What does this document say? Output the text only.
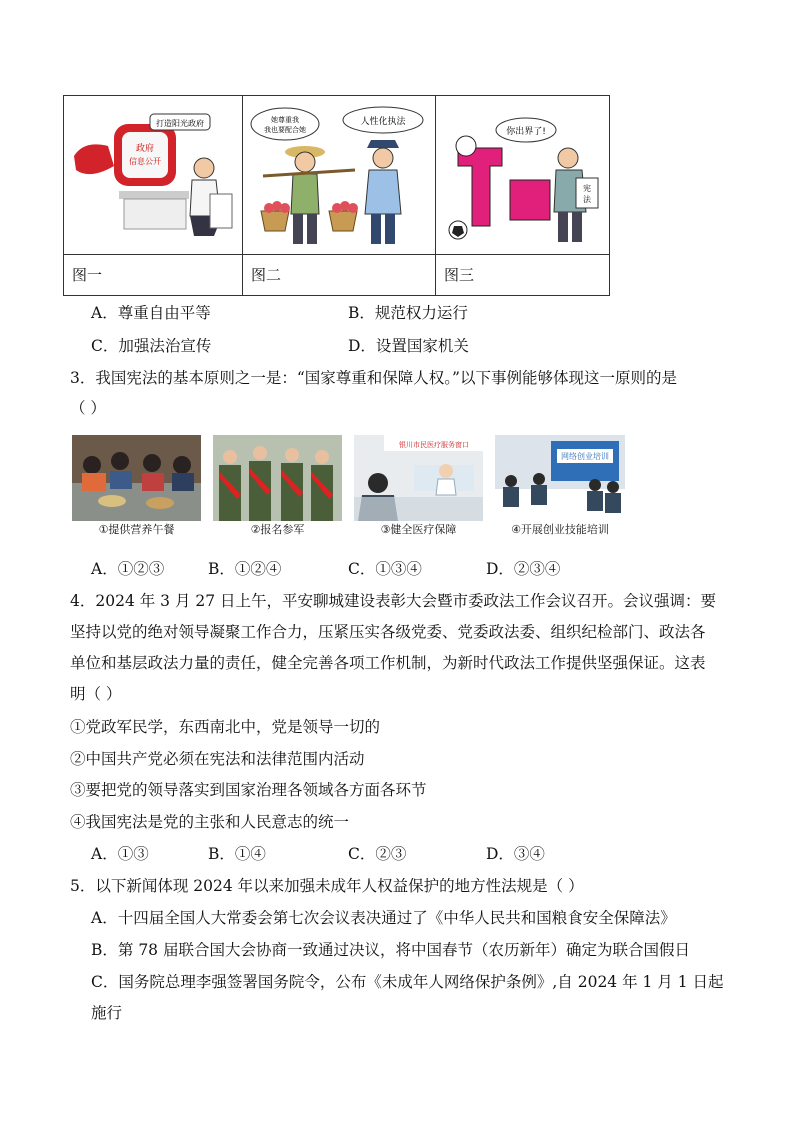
政府
信息公开
打造阳光政府	她尊重我
我也要配合她
人性化执法
你出界了!
宪
法
图一	图二	图三
A．尊重自由平等	B．规范权力运行
C．加强法治宣传	D．设置国家机关
3．我国宪法的基本原则之一是：“国家尊重和保障人权。”以下事例能够体现这一原则的是
（ ）
银川市民医疗服务窗口
网络创业培训
①提供营养午餐	②报名参军	③健全医疗保障	④开展创业技能培训
A．①②③	B．①②④	C．①③④	D．②③④
4．2024 年 3 月 27 日上午，平安聊城建设表彰大会暨市委政法工作会议召开。会议强调：要
坚持以党的绝对领导凝聚工作合力，压紧压实各级党委、党委政法委、组织纪检部门、政法各
单位和基层政法力量的责任，健全完善各项工作机制，为新时代政法工作提供坚强保证。这表
明（ ）
①党政军民学，东西南北中，党是领导一切的
②中国共产党必须在宪法和法律范围内活动
③要把党的领导落实到国家治理各领域各方面各环节
④我国宪法是党的主张和人民意志的统一
A．①③	B．①④	C．②③	D．③④
5．以下新闻体现 2024 年以来加强未成年人权益保护的地方性法规是（ ）
A．十四届全国人大常委会第七次会议表决通过了《中华人民共和国粮食安全保障法》
B．第 78 届联合国大会协商一致通过决议，将中国春节（农历新年）确定为联合国假日
C．国务院总理李强签署国务院令，公布《未成年人网络保护条例》,自 2024 年 1 月 1 日起
施行
